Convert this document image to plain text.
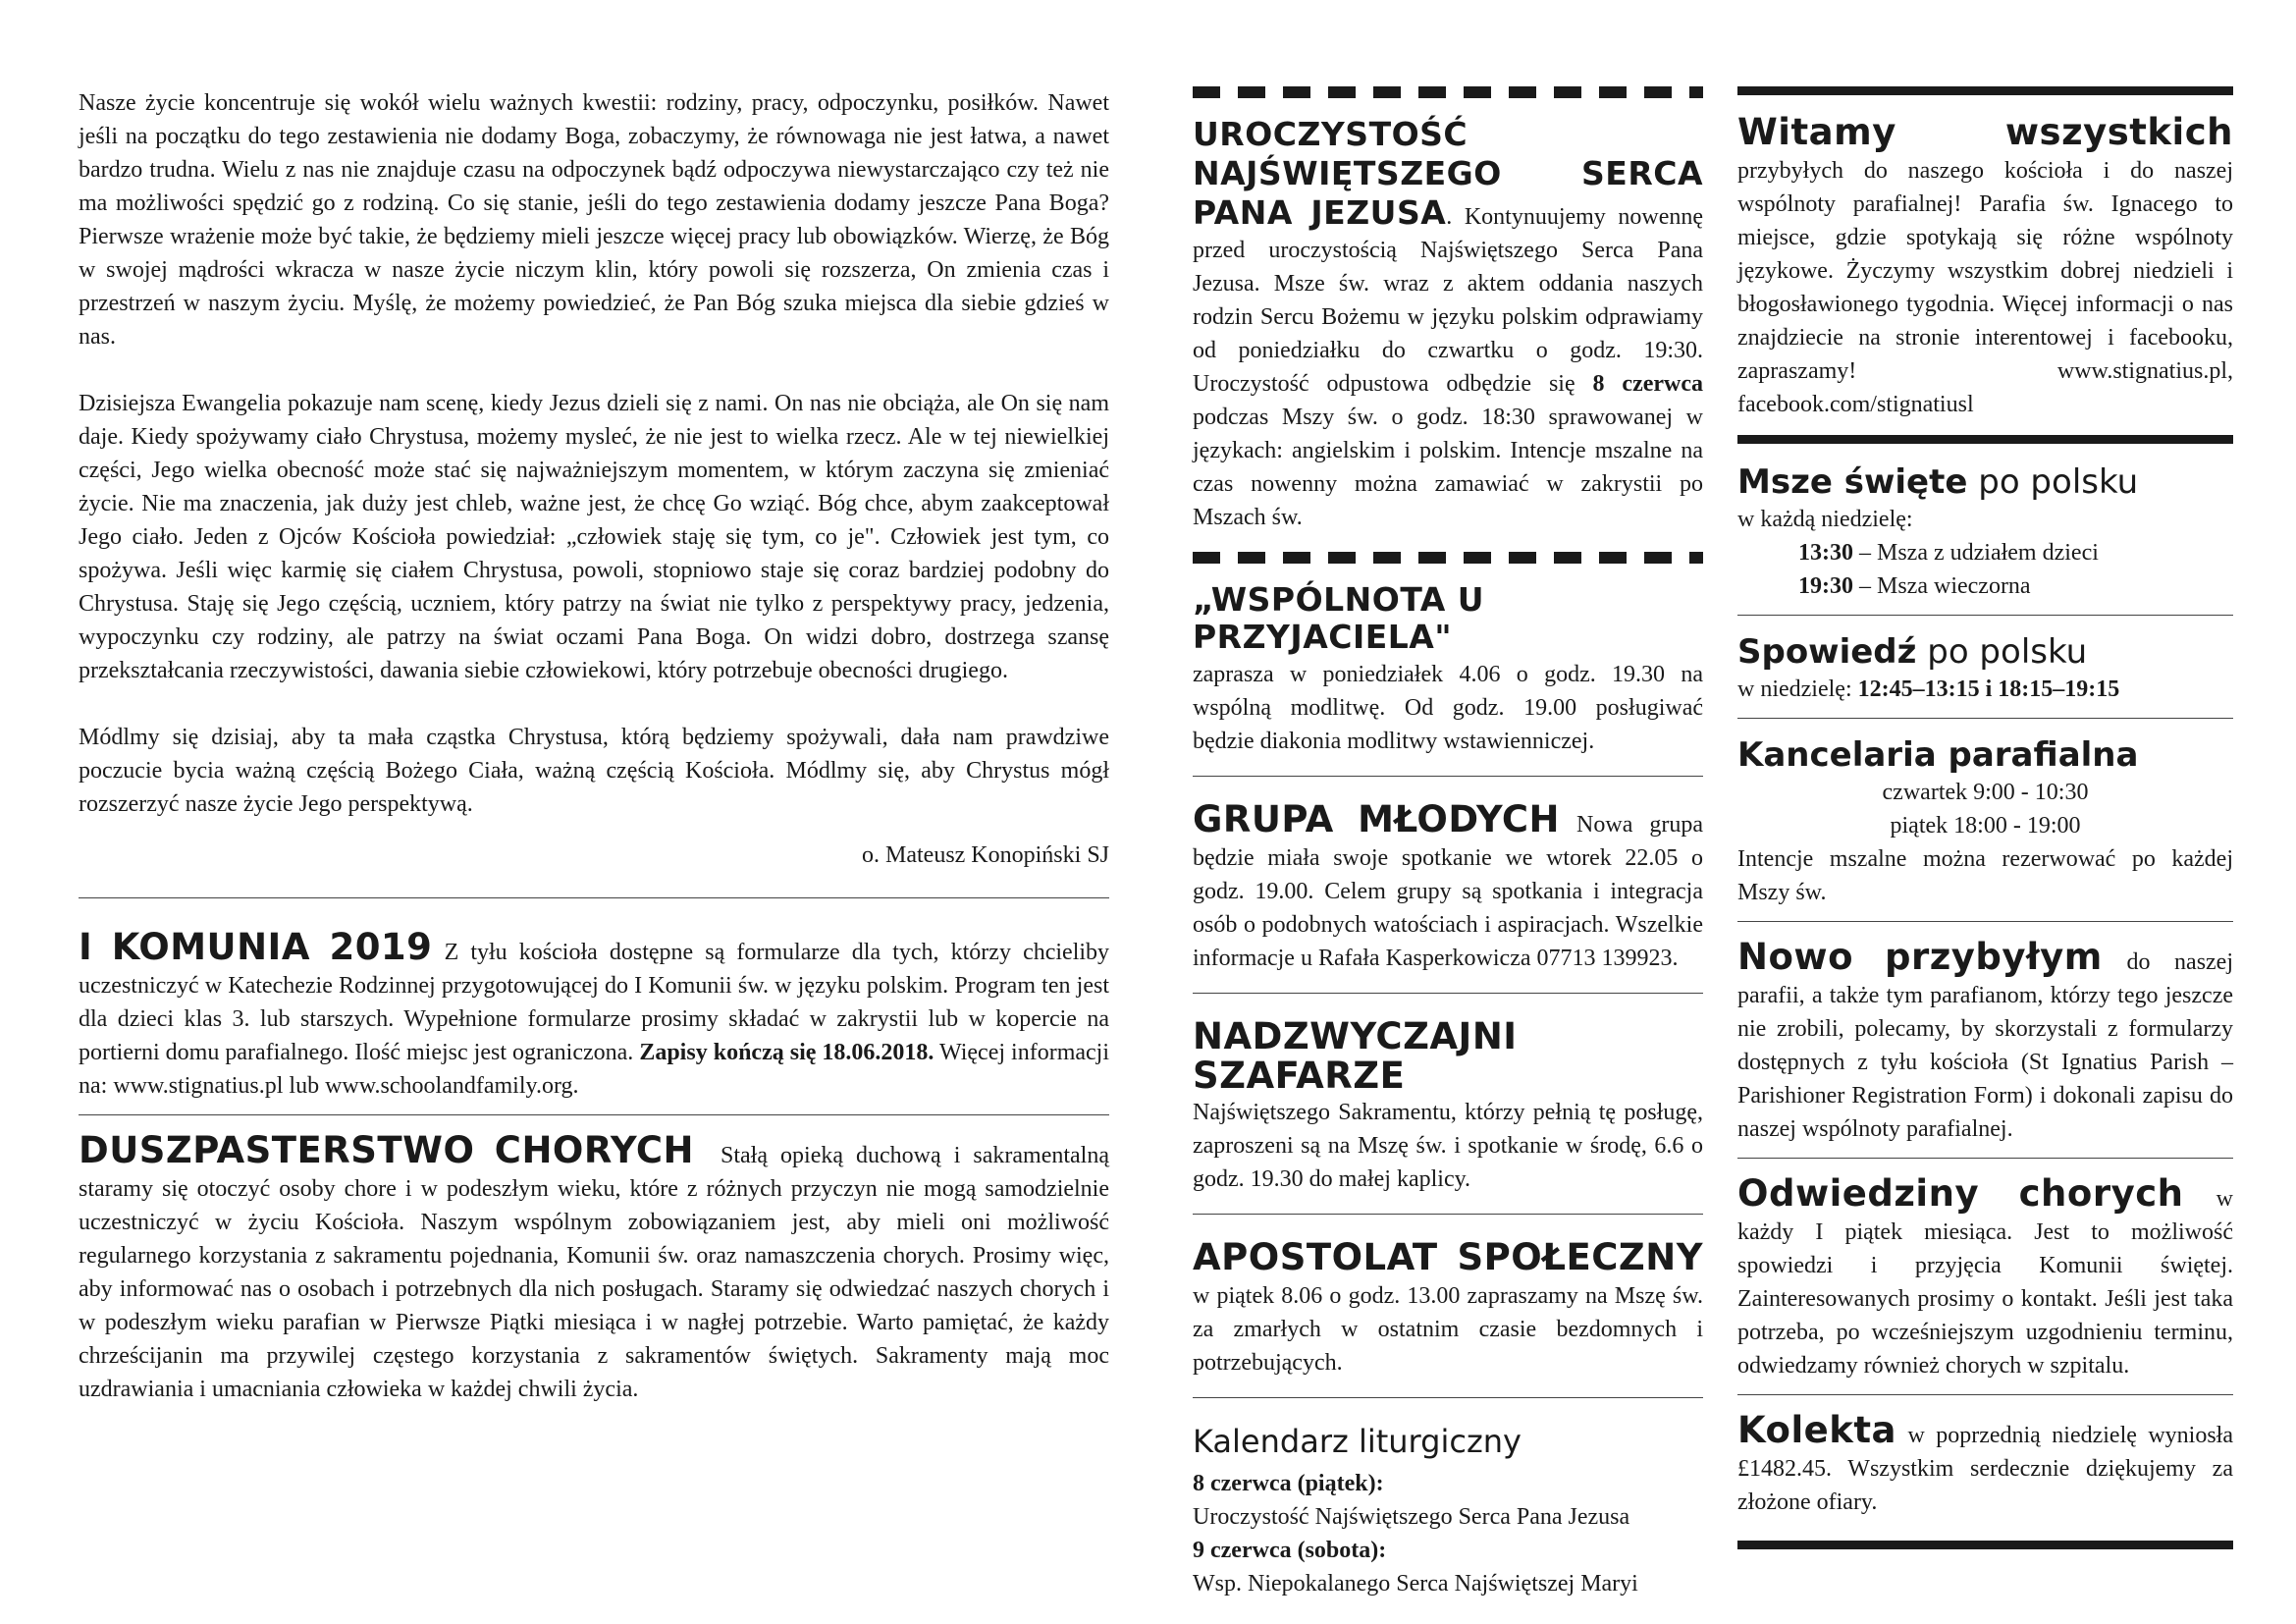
Nasze życie koncentruje się wokół wielu ważnych kwestii: rodziny, pracy, odpoczynku, posiłków. Nawet jeśli na początku do tego zestawienia nie dodamy Boga, zobaczymy, że równowaga nie jest łatwa, a nawet bardzo trudna. Wielu z nas nie znajduje czasu na odpoczynek bądź odpoczywa niewystarczająco czy też nie ma możliwości spędzić go z rodziną. Co się stanie, jeśli do tego zestawienia dodamy jeszcze Pana Boga? Pierwsze wrażenie może być takie, że będziemy mieli jeszcze więcej pracy lub obowiązków. Wierzę, że Bóg w swojej mądrości wkracza w nasze życie niczym klin, który powoli się rozszerza, On zmienia czas i przestrzeń w naszym życiu. Myślę, że możemy powiedzieć, że Pan Bóg szuka miejsca dla siebie gdzieś w nas.

Dzisiejsza Ewangelia pokazuje nam scenę, kiedy Jezus dzieli się z nami. On nas nie obciąża, ale On się nam daje. Kiedy spożywamy ciało Chrystusa, możemy mysleć, że nie jest to wielka rzecz. Ale w tej niewielkiej części, Jego wielka obecność może stać się najważniejszym momentem, w którym zaczyna się zmieniać życie. Nie ma znaczenia, jak duży jest chleb, ważne jest, że chcę Go wziąć. Bóg chce, abym zaakceptował Jego ciało. Jeden z Ojców Kościoła powiedział: „człowiek staję się tym, co je". Człowiek jest tym, co spożywa. Jeśli więc karmię się ciałem Chrystusa, powoli, stopniowo staje się coraz bardziej podobny do Chrystusa. Staję się Jego częścią, uczniem, który patrzy na świat nie tylko z perspektywy pracy, jedzenia, wypoczynku czy rodziny, ale patrzy na świat oczami Pana Boga. On widzi dobro, dostrzega szansę przekształcania rzeczywistości, dawania siebie człowiekowi, który potrzebuje obecności drugiego.

Módlmy się dzisiaj, aby ta mała cząstka Chrystusa, którą będziemy spożywali, dała nam prawdziwe poczucie bycia ważną częścią Bożego Ciała, ważną częścią Kościoła. Módlmy się, aby Chrystus mógł rozszerzyć nasze życie Jego perspektywą.

o. Mateusz Konopiński SJ

I KOMUNIA 2019 Z tyłu kościoła dostępne są formularze dla tych, którzy chcieliby uczestniczyć w Katechezie Rodzinnej przygotowującej do I Komunii św. w języku polskim. Program ten jest dla dzieci klas 3. lub starszych. Wypełnione formularze prosimy składać w zakrystii lub w kopercie na portierni domu parafialnego. Ilość miejsc jest ograniczona. Zapisy kończą się 18.06.2018. Więcej informacji na: www.stignatius.pl lub www.schoolandfamily.org.

DUSZPASTERSTWO CHORYCH Stałą opieką duchową i sakramentalną staramy się otoczyć osoby chore i w podeszłym wieku, które z różnych przyczyn nie mogą samodzielnie uczestniczyć w życiu Kościoła. Naszym wspólnym zobowiązaniem jest, aby mieli oni możliwość regularnego korzystania z sakramentu pojednania, Komunii św. oraz namaszczenia chorych. Prosimy więc, aby informować nas o osobach i potrzebnych dla nich posługach. Staramy się odwiedzać naszych chorych i w podeszłym wieku parafian w Pierwsze Piątki miesiąca i w nagłej potrzebie. Warto pamiętać, że każdy chrześcijanin ma przywilej częstego korzystania z sakramentów świętych. Sakramenty mają moc uzdrawiania i umacniania człowieka w każdej chwili życia.

UROCZYSTOŚĆ NAJŚWIĘTSZEGO SERCA PANA JEZUSA. Kontynuujemy nowennę przed uroczystością Najświętszego Serca Pana Jezusa. Msze św. wraz z aktem oddania naszych rodzin Sercu Bożemu w języku polskim odprawiamy od poniedziałku do czwartku o godz. 19:30. Uroczystość odpustowa odbędzie się 8 czerwca podczas Mszy św. o godz. 18:30 sprawowanej w językach: angielskim i polskim. Intencje mszalne na czas nowenny można zamawiać w zakrystii po Mszach św.

„WSPÓLNOTA U PRZYJACIELA"

zaprasza w poniedziałek 4.06 o godz. 19.30 na wspólną modlitwę. Od godz. 19.00 posługiwać będzie diakonia modlitwy wstawienniczej.

GRUPA MŁODYCH Nowa grupa będzie miała swoje spotkanie we wtorek 22.05 o godz. 19.00. Celem grupy są spotkania i integracja osób o podobnych watościach i aspiracjach. Wszelkie informacje u Rafała Kasperkowicza 07713 139923.

NADZWYCZAJNI SZAFARZE

Najświętszego Sakramentu, którzy pełnią tę posługę, zaproszeni są na Mszę św. i spotkanie w środę, 6.6 o godz. 19.30 do małej kaplicy.

APOSTOLAT SPOŁECZNY w piątek 8.06 o godz. 13.00 zapraszamy na Mszę św. za zmarłych w ostatnim czasie bezdomnych i potrzebujących.

Kalendarz liturgiczny

8 czerwca (piątek):

Uroczystość Najświętszego Serca Pana Jezusa

9 czerwca (sobota):

Wsp. Niepokalanego Serca Najświętszej Maryi

Witamy wszystkich przybyłych do naszego kościoła i do naszej wspólnoty parafialnej! Parafia św. Ignacego to miejsce, gdzie spotykają się różne wspólnoty językowe. Życzymy wszystkim dobrej niedzieli i błogosławionego tygodnia. Więcej informacji o nas znajdziecie na stronie interentowej i facebooku, zapraszamy! www.stignatius.pl, facebook.com/stignatiusl

Msze święte po polsku

w każdą niedzielę:

13:30 – Msza z udziałem dzieci

19:30 – Msza wieczorna

Spowiedź po polsku

w niedzielę: 12:45–13:15 i 18:15–19:15

Kancelaria parafialna

czwartek 9:00 - 10:30

piątek 18:00 - 19:00

Intencje mszalne można rezerwować po każdej Mszy św.

Nowo przybyłym do naszej parafii, a także tym parafianom, którzy tego jeszcze nie zrobili, polecamy, by skorzystali z formularzy dostępnych z tyłu kościoła (St Ignatius Parish – Parishioner Registration Form) i dokonali zapisu do naszej wspólnoty parafialnej.

Odwiedziny chorych w każdy I piątek miesiąca. Jest to możliwość spowiedzi i przyjęcia Komunii świętej. Zainteresowanych prosimy o kontakt. Jeśli jest taka potrzeba, po wcześniejszym uzgodnieniu terminu, odwiedzamy również chorych w szpitalu.

Kolekta w poprzednią niedzielę wyniosła £1482.45. Wszystkim serdecznie dziękujemy za złożone ofiary.
